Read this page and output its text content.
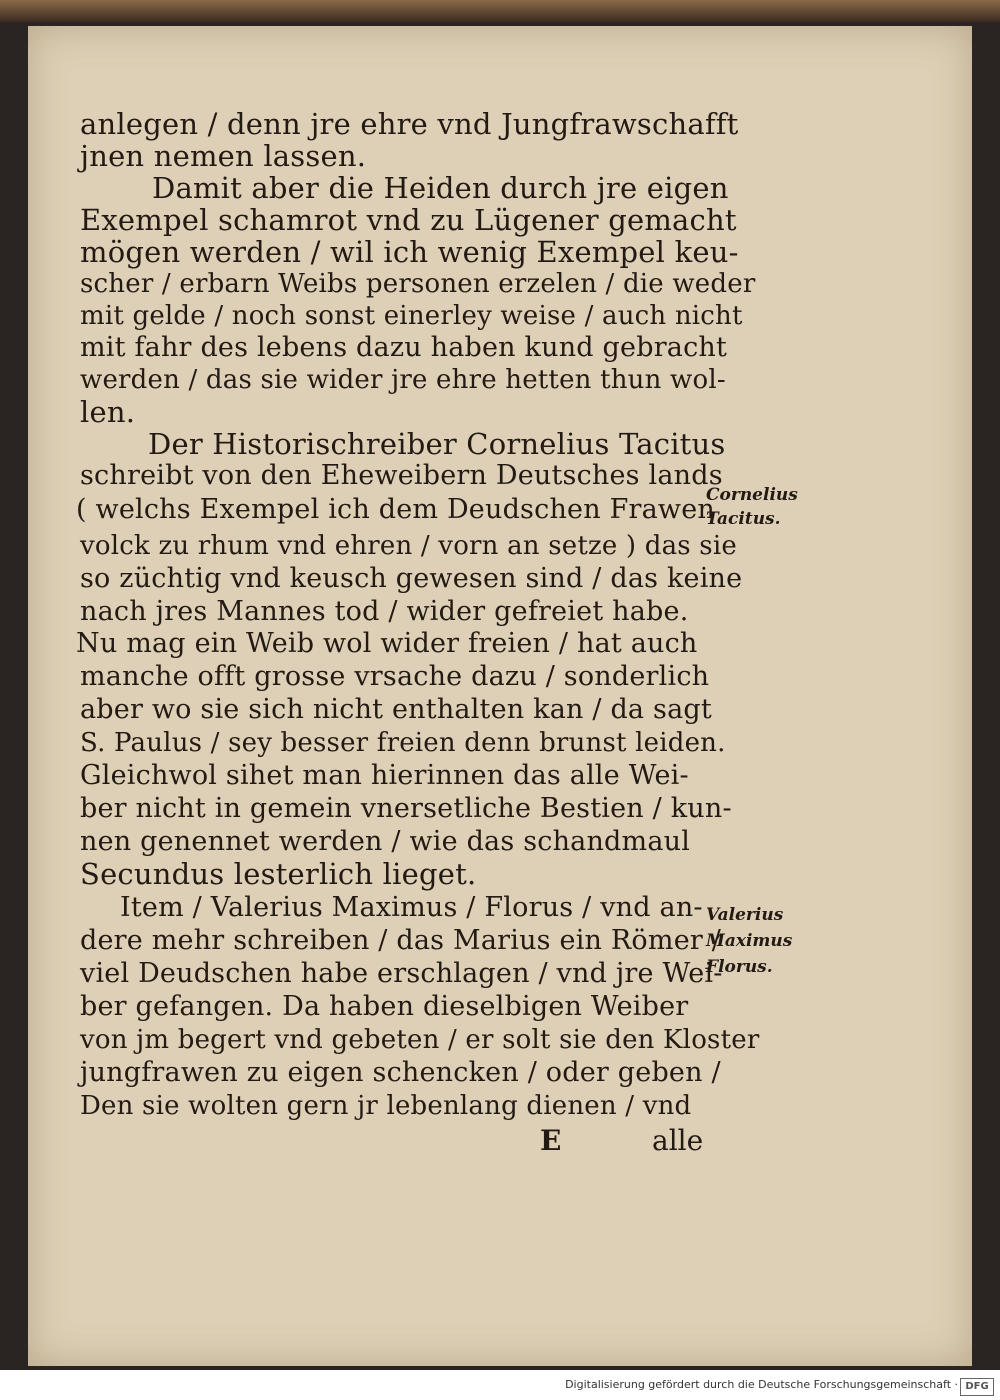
anlegen / denn jre ehre vnd Jungfrawschafft
jnen nemen lassen.
Damit aber die Heiden durch jre eigen
Exempel schamrot vnd zu Lügener gemacht
mögen werden / wil ich wenig Exempel keu-
scher / erbarn Weibs personen erzelen / die weder
mit gelde / noch sonst einerley weise / auch nicht
mit fahr des lebens dazu haben kund gebracht
werden / das sie wider jre ehre hetten thun wol-
len.
Der Historischreiber Cornelius Tacitus
schreibt von den Eheweibern Deutsches lands
( welchs Exempel ich dem Deudschen Frawen
volck zu rhum vnd ehren / vorn an setze ) das sie
so züchtig vnd keusch gewesen sind / das keine
nach jres Mannes tod / wider gefreiet habe.
Nu mag ein Weib wol wider freien / hat auch
manche offt grosse vrsache dazu / sonderlich
aber wo sie sich nicht enthalten kan / da sagt
S. Paulus / sey besser freien denn brunst leiden.
Gleichwol sihet man hierinnen das alle Wei-
ber nicht in gemein vnersetliche Bestien / kun-
nen genennet werden / wie das schandmaul
Secundus lesterlich lieget.
Item / Valerius Maximus / Florus / vnd an-
dere mehr schreiben / das Marius ein Römer /
viel Deudschen habe erschlagen / vnd jre Wei-
ber gefangen. Da haben dieselbigen Weiber
von jm begert vnd gebeten / er solt sie den Kloster
jungfrawen zu eigen schencken / oder geben /
Den sie wolten gern jr lebenlang dienen / vnd
Cornelius
Tacitus.
Valerius
Maximus
Florus.
E	alle
Digitalisierung gefördert durch die Deutsche Forschungsgemeinschaft · DFG
